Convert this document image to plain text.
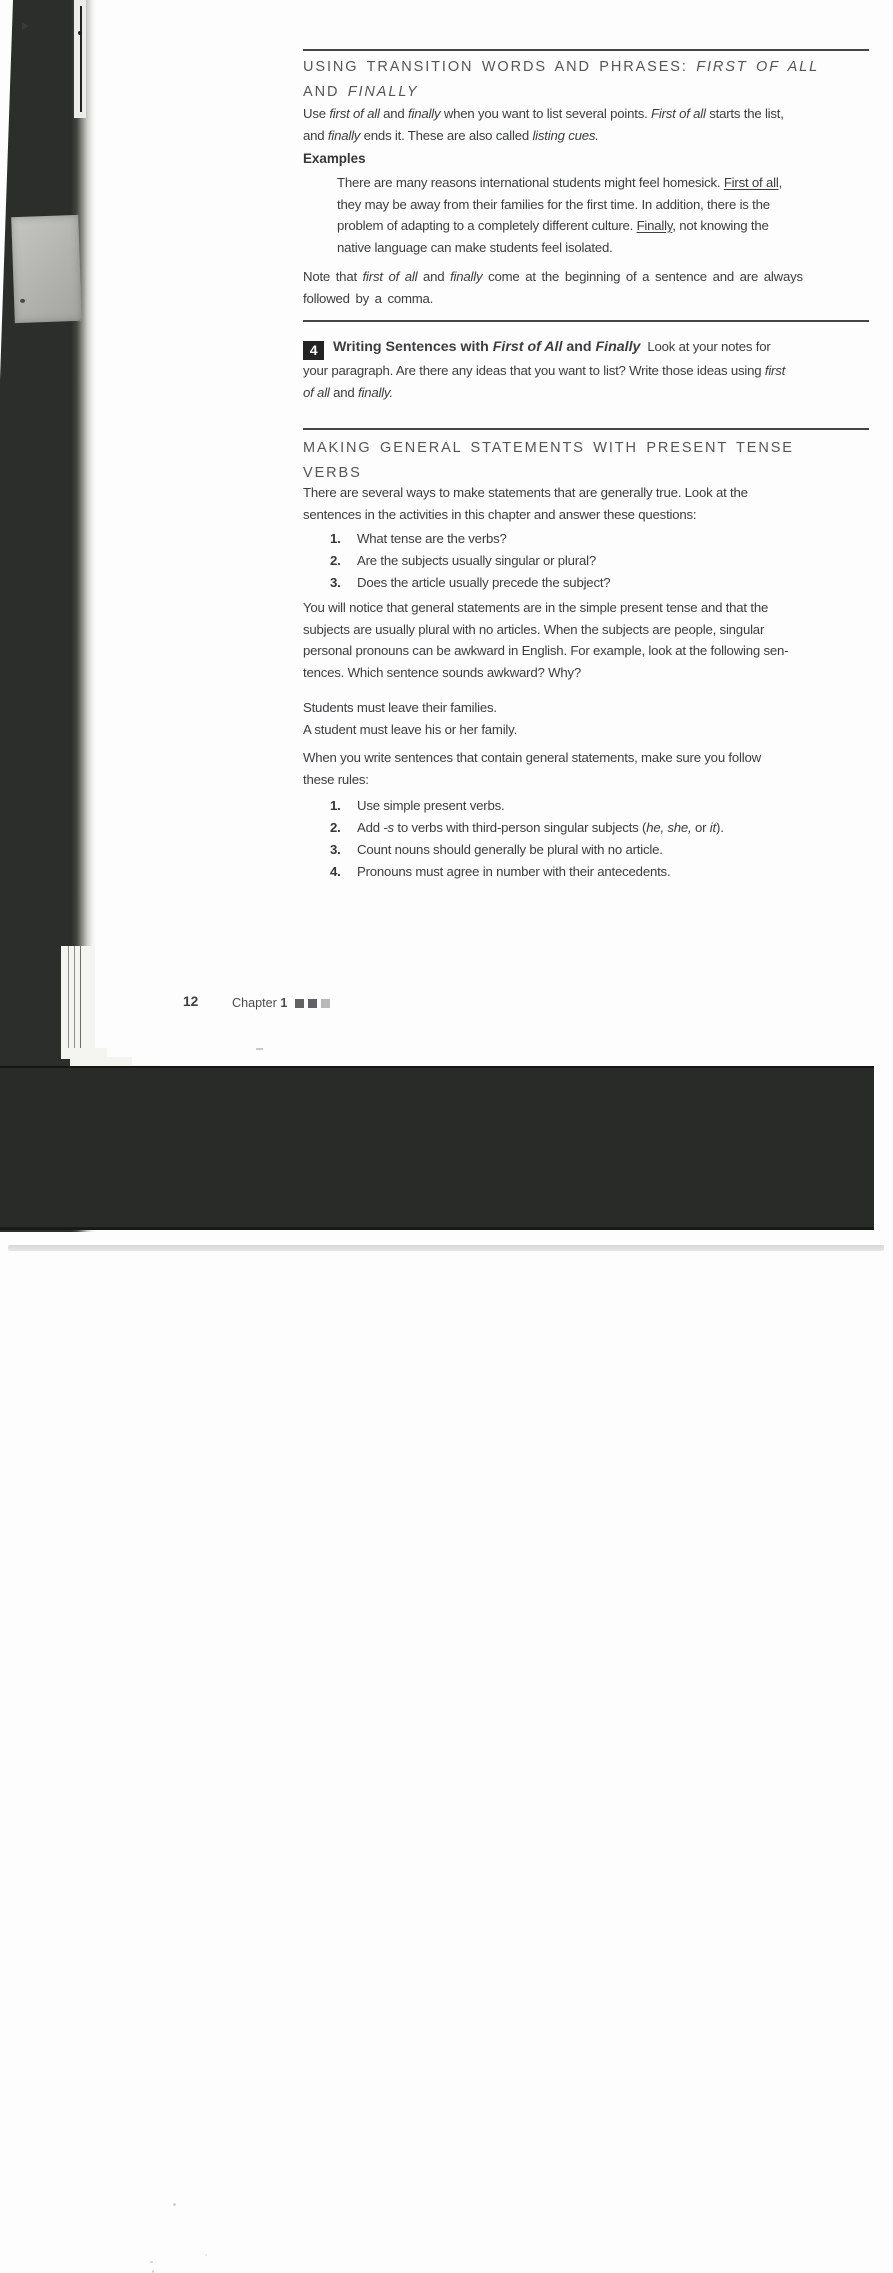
USING TRANSITION WORDS AND PHRASES: FIRST OF ALL
AND FINALLY

Use first of all and finally when you want to list several points. First of all starts the list,
and finally ends it. These are also called listing cues.

Examples

There are many reasons international students might feel homesick. First of all,
they may be away from their families for the first time. In addition, there is the
problem of adapting to a completely different culture. Finally, not knowing the
native language can make students feel isolated.

Note that first of all and finally come at the beginning of a sentence and are always
followed by a comma.

4 Writing Sentences with First of All and Finally  Look at your notes for
your paragraph. Are there any ideas that you want to list? Write those ideas using first
of all and finally.

MAKING GENERAL STATEMENTS WITH PRESENT TENSE
VERBS

There are several ways to make statements that are generally true. Look at the
sentences in the activities in this chapter and answer these questions:

1. What tense are the verbs?
2. Are the subjects usually singular or plural?
3. Does the article usually precede the subject?

You will notice that general statements are in the simple present tense and that the
subjects are usually plural with no articles. When the subjects are people, singular
personal pronouns can be awkward in English. For example, look at the following sen-
tences. Which sentence sounds awkward? Why?

Students must leave their families.
A student must leave his or her family.

When you write sentences that contain general statements, make sure you follow
these rules:

1. Use simple present verbs.
2. Add -s to verbs with third-person singular subjects (he, she, or it).
3. Count nouns should generally be plural with no article.
4. Pronouns must agree in number with their antecedents.
12	Chapter 1
